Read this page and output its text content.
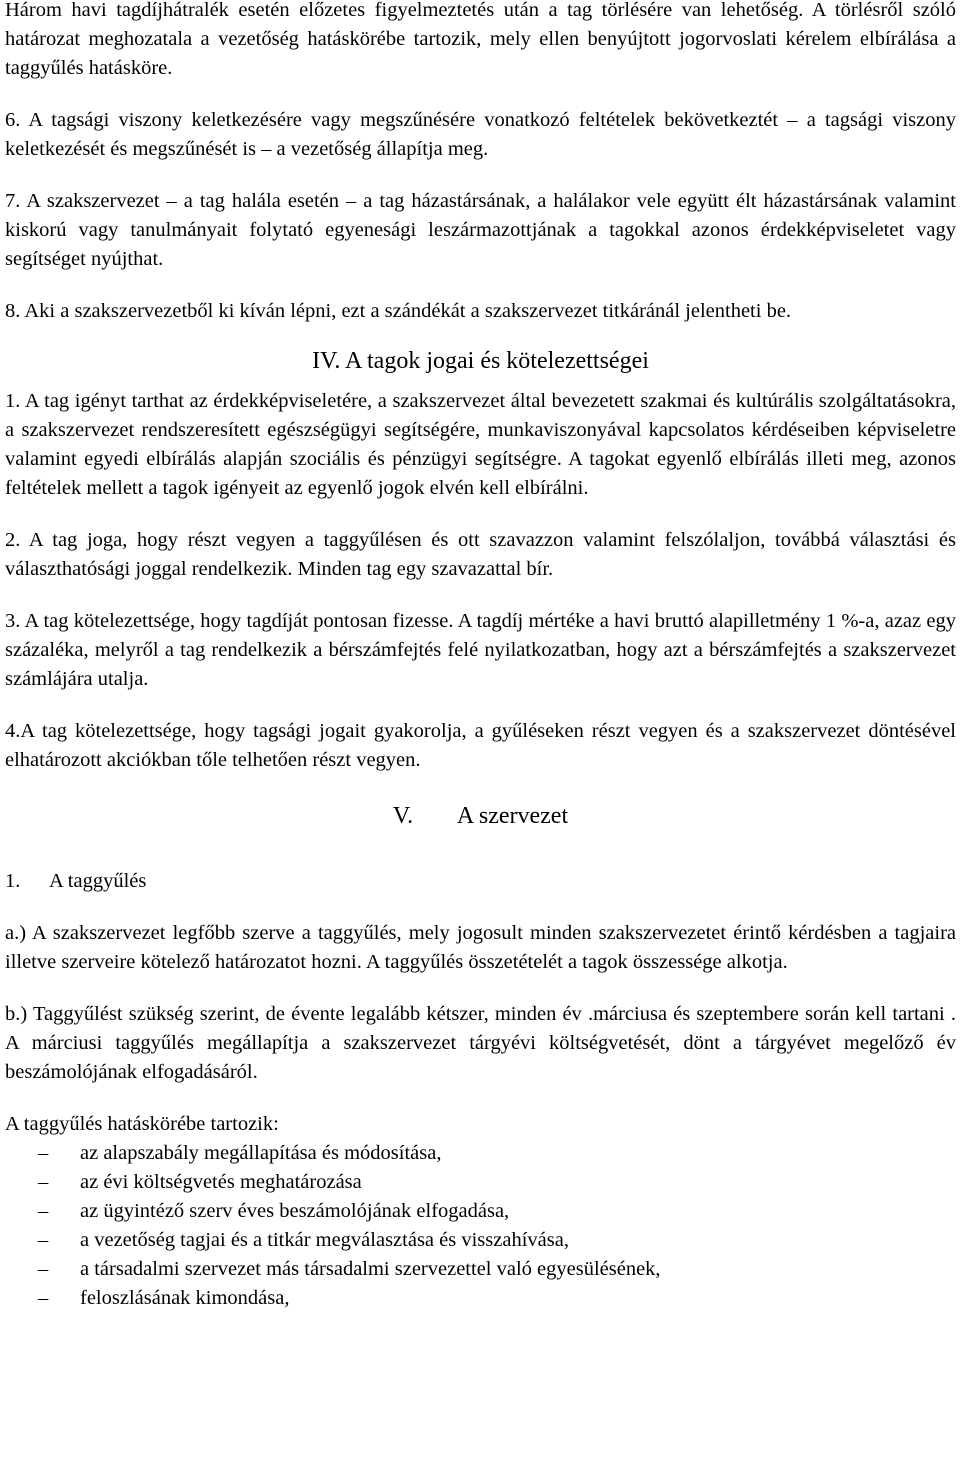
Három havi tagdíjhátralék esetén előzetes figyelmeztetés után a tag törlésére van lehetőség. A törlésről szóló határozat meghozatala a vezetőség hatáskörébe tartozik, mely ellen benyújtott jogorvoslati kérelem elbírálása a taggyűlés hatásköre.

6. A tagsági viszony keletkezésére vagy megszűnésére vonatkozó feltételek bekövetkeztét – a tagsági viszony keletkezését és megszűnését is – a vezetőség állapítja meg.

7. A szakszervezet – a tag halála esetén – a tag házastársának, a halálakor vele együtt élt házastársának valamint kiskorú vagy tanulmányait folytató egyenesági leszármazottjának a tagokkal azonos érdekképviseletet vagy segítséget nyújthat.

8. Aki a szakszervezetből ki kíván lépni, ezt a szándékát a szakszervezet titkáránál jelentheti be.

IV. A tagok jogai és kötelezettségei

1. A tag igényt tarthat az érdekképviseletére, a szakszervezet által bevezetett szakmai és kultúrális szolgáltatásokra, a szakszervezet rendszeresített egészségügyi segítségére, munkaviszonyával kapcsolatos kérdéseiben képviseletre valamint egyedi elbírálás alapján szociális és pénzügyi segítségre. A tagokat egyenlő elbírálás illeti meg, azonos feltételek mellett a tagok igényeit az egyenlő jogok elvén kell elbírálni.

2. A tag joga, hogy részt vegyen a taggyűlésen és ott szavazzon valamint felszólaljon, továbbá választási és választhatósági joggal rendelkezik. Minden tag egy szavazattal bír.

3. A tag kötelezettsége, hogy tagdíját pontosan fizesse. A tagdíj mértéke a havi bruttó alapilletmény 1 %-a, azaz egy százaléka, melyről a tag rendelkezik a bérszámfejtés felé nyilatkozatban, hogy azt a bérszámfejtés a szakszervezet számlájára utalja.

4.A tag kötelezettsége, hogy tagsági jogait gyakorolja, a gyűléseken részt vegyen és a szakszervezet döntésével elhatározott akciókban tőle telhetően részt vegyen.

V. A szervezet

1. A taggyűlés

a.) A szakszervezet legfőbb szerve a taggyűlés, mely jogosult minden szakszervezetet érintő kérdésben a tagjaira illetve szerveire kötelező határozatot hozni. A taggyűlés összetételét a tagok összessége alkotja.

b.) Taggyűlést szükség szerint, de évente legalább kétszer, minden év .márciusa és szeptembere során kell tartani . A márciusi taggyűlés megállapítja a szakszervezet tárgyévi költségvetését, dönt a tárgyévet megelőző év beszámolójának elfogadásáról.

A taggyűlés hatáskörébe tartozik:

– az alapszabály megállapítása és módosítása,
– az évi költségvetés meghatározása
– az ügyintéző szerv éves beszámolójának elfogadása,
– a vezetőség tagjai és a titkár megválasztása és visszahívása,
– a társadalmi szervezet más társadalmi szervezettel való egyesülésének,
– feloszlásának kimondása,
